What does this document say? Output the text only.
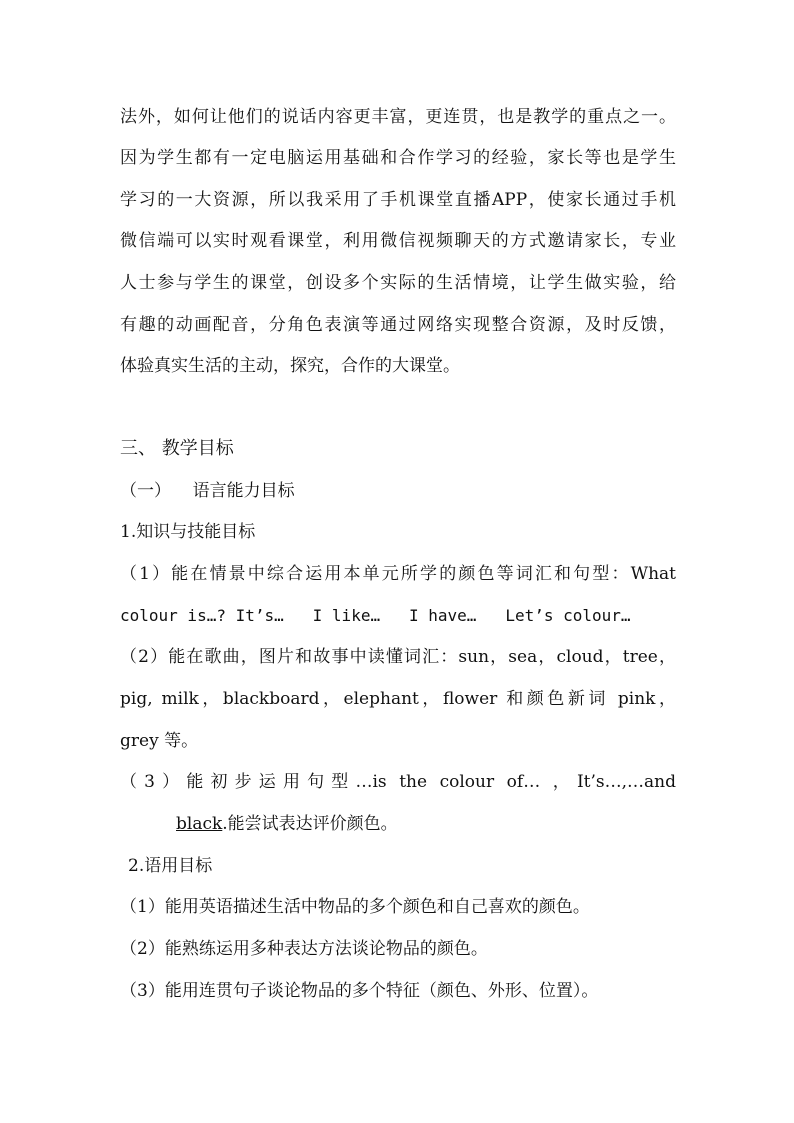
法外，如何让他们的说话内容更丰富，更连贯，也是教学的重点之一。
因为学生都有一定电脑运用基础和合作学习的经验，家长等也是学生
学习的一大资源，所以我采用了手机课堂直播APP，使家长通过手机
微信端可以实时观看课堂，利用微信视频聊天的方式邀请家长，专业
人士参与学生的课堂，创设多个实际的生活情境，让学生做实验，给
有趣的动画配音，分角色表演等通过网络实现整合资源，及时反馈，
体验真实生活的主动，探究，合作的大课堂。
三、 教学目标
（一）    语言能力目标
1.知识与技能目标
（1）能在情景中综合运用本单元所学的颜色等词汇和句型：What
colour is…? It’s…   I like…   I have…   Let’s colour…
（2）能在歌曲，图片和故事中读懂词汇：sun，sea，cloud，tree，
pig, milk，blackboard，elephant，flower 和颜色新词 pink，
grey 等。
（3）能初步运用句型…is the colour of… ，It’s…,…and
black.能尝试表达评价颜色。
2.语用目标
（1）能用英语描述生活中物品的多个颜色和自己喜欢的颜色。
（2）能熟练运用多种表达方法谈论物品的颜色。
（3）能用连贯句子谈论物品的多个特征（颜色、外形、位置）。
